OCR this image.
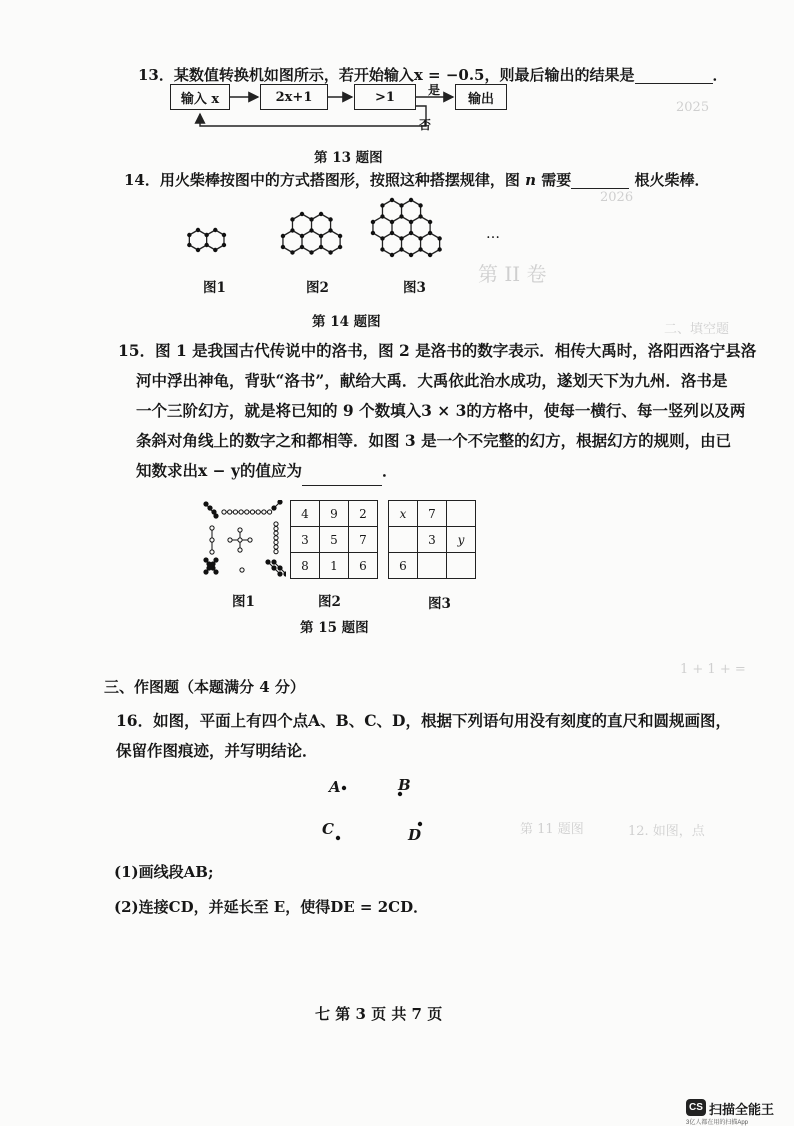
2025
2026
第 II 卷
二、填空题
1 + 1 + =
12. 如图，点
第 11 题图
13．某数值转换机如图所示，若开始输入x = −0.5，则最后输出的结果是	．
输入 x	2x+1	>1	输出
是
否
第 13 题图
14．用火柴棒按图中的方式搭图形，按照这种搭摆规律，图 n 需要	根火柴棒．
…
图1	图2	图3
第 14 题图
15．图 1 是我国古代传说中的洛书，图 2 是洛书的数字表示．相传大禹时，洛阳西洛宁县洛
河中浮出神龟，背驮“洛书”，献给大禹．大禹依此治水成功，遂划天下为九州．洛书是
一个三阶幻方，就是将已知的 9 个数填入3 × 3的方格中，使每一横行、每一竖列以及两
条斜对角线上的数字之和都相等．如图 3 是一个不完整的幻方，根据幻方的规则，由已
知数求出x − y的值应为	．
4	9	2
3	5	7
8	1	6
x	7	
	3	y
6		
图1	图2	图3
第 15 题图
三、作图题（本题满分 4 分）
16．如图，平面上有四个点A、B、C、D，根据下列语句用没有刻度的直尺和圆规画图，
保留作图痕迹，并写明结论．
A	B
C	D
(1)画线段AB;
(2)连接CD，并延长至 E，使得DE = 2CD．
七 第 3 页 共 7 页
CS 扫描全能王
3亿人都在用的扫描App
